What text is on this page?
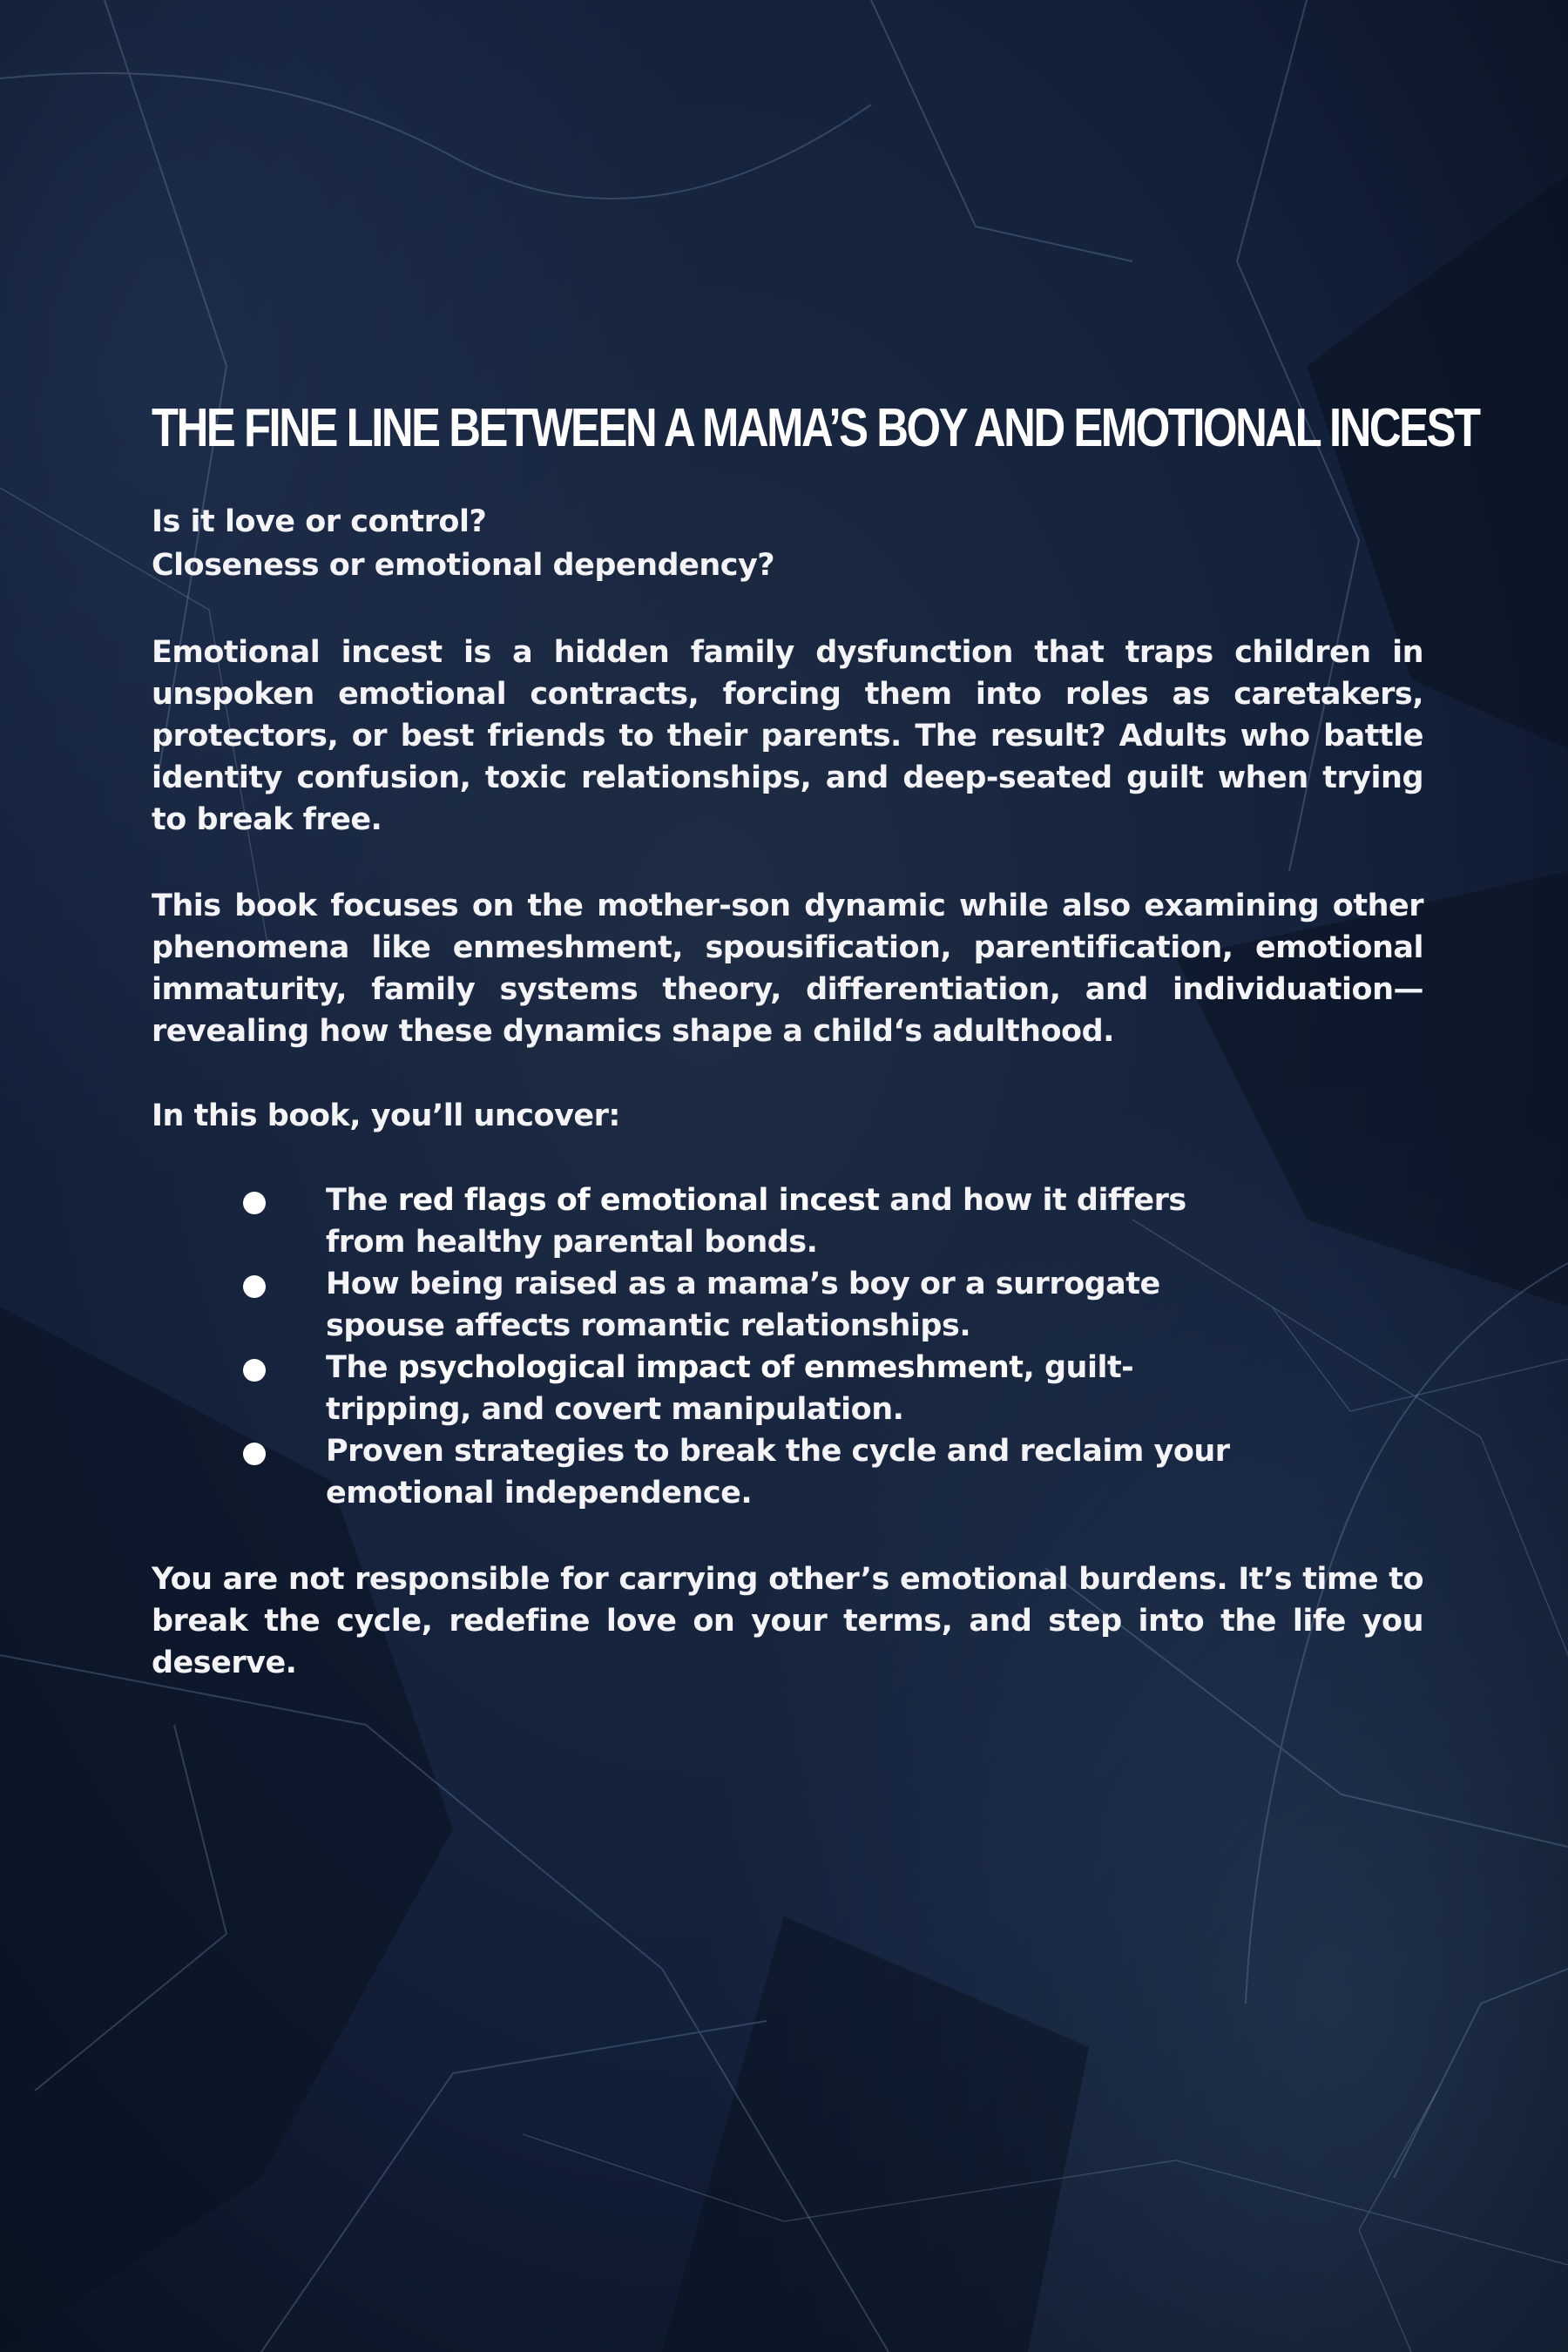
THE FINE LINE BETWEEN A MAMA’S BOY AND EMOTIONAL INCEST

Is it love or control?

Closeness or emotional dependency?

Emotional incest is a hidden family dysfunction that traps children in unspoken emotional contracts, forcing them into roles as caretakers, protectors, or best friends to their parents. The result? Adults who battle identity confusion, toxic relationships, and deep-seated guilt when trying to break free.

This book focuses on the mother-son dynamic while also examining other phenomena like enmeshment, spousification, parentification, emotional immaturity, family systems theory, differentiation, and individuation—revealing how these dynamics shape a child‘s adulthood.

In this book, you’ll uncover:

The red flags of emotional incest and how it differs from healthy parental bonds.
How being raised as a mama’s boy or a surrogate spouse affects romantic relationships.
The psychological impact of enmeshment, guilt-tripping, and covert manipulation.
Proven strategies to break the cycle and reclaim your emotional independence.

You are not responsible for carrying other’s emotional burdens. It’s time to break the cycle, redefine love on your terms, and step into the life you deserve.
